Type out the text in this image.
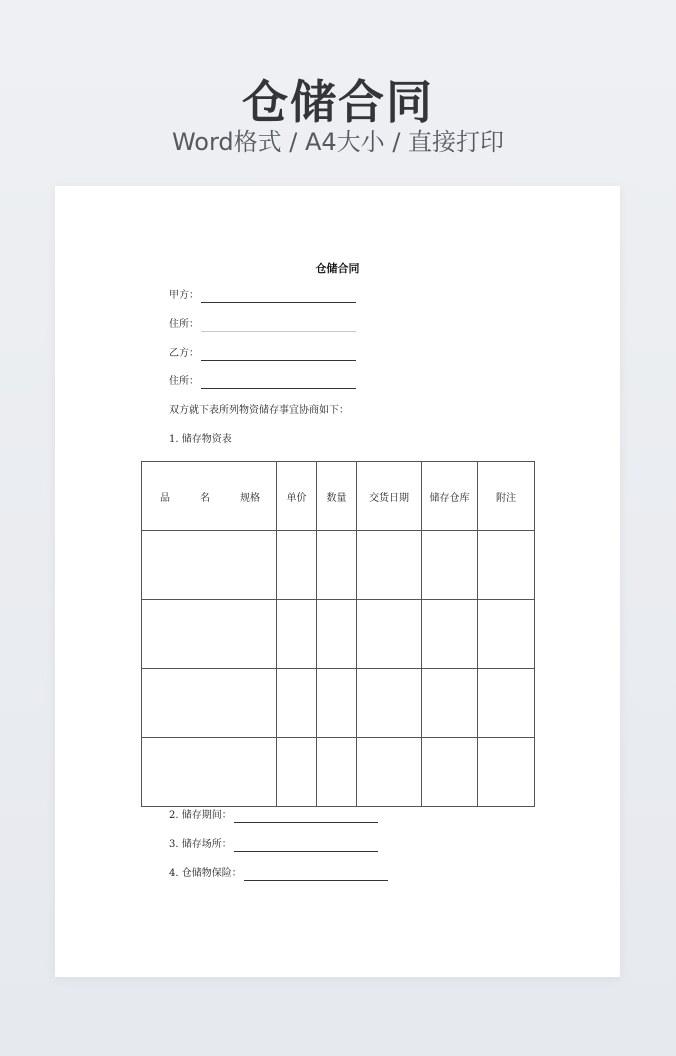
仓储合同
Word格式 / A4大小 / 直接打印
仓储合同
甲方：
住所：
乙方：
住所：
双方就下表所列物资储存事宜协商如下：
1. 储存物资表
品 名 规格	单价	数量	交货日期	储存仓库	附注

2. 储存期间：
3. 储存场所：
4. 仓储物保险：
